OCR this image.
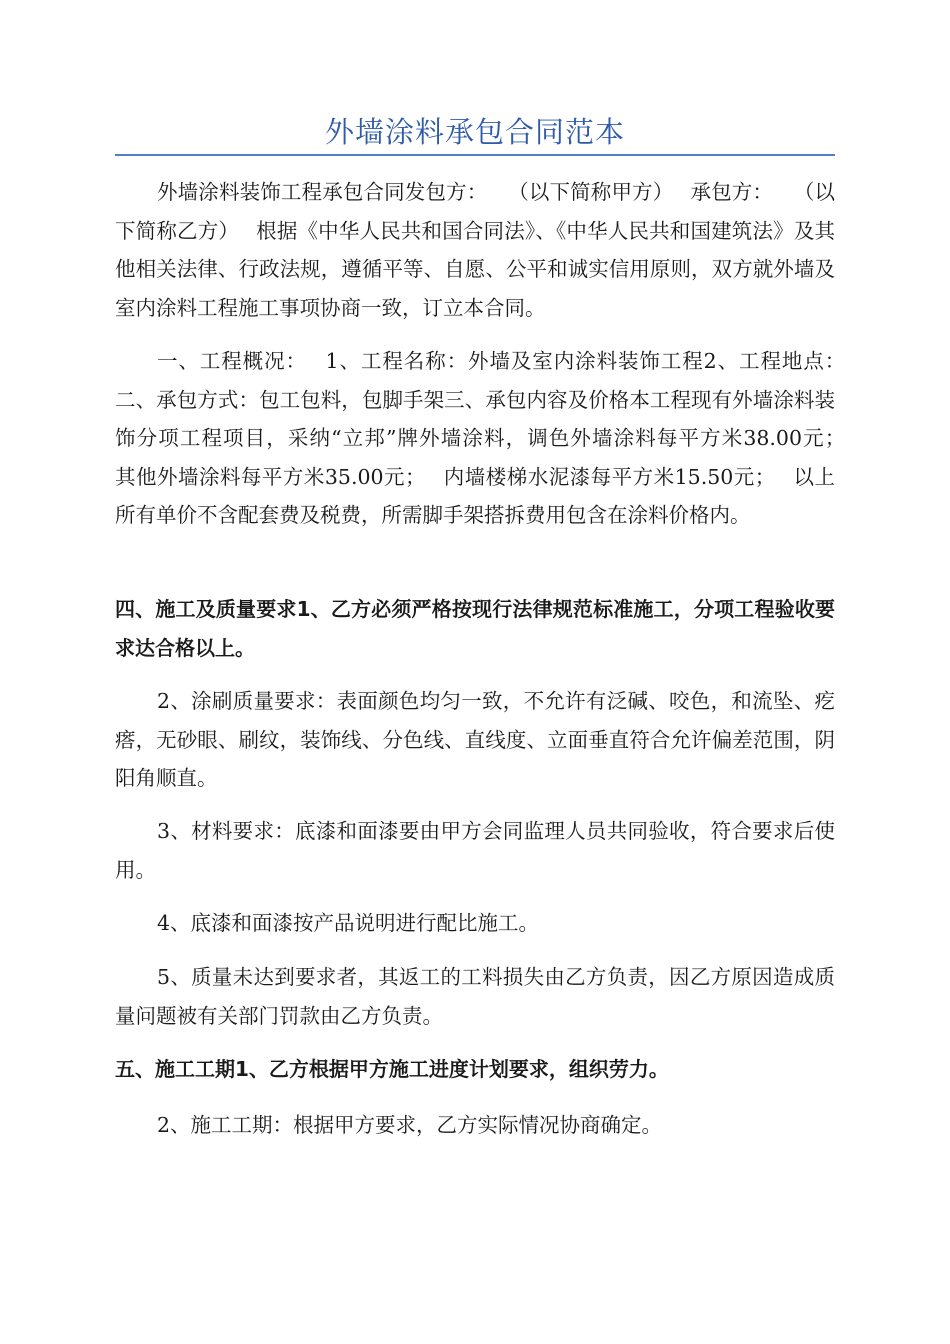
外墙涂料承包合同范本

外墙涂料装饰工程承包合同发包方：　　（以下简称甲方）　 承包方：　　（以下简称乙方）　 根据《中华人民共和国合同法》、《中华人民共和国建筑法》及其他相关法律、行政法规，遵循平等、自愿、公平和诚实信用原则，双方就外墙及室内涂料工程施工事项协商一致，订立本合同。

一、工程概况：　 1、工程名称：外墙及室内涂料装饰工程2、工程地点：　 二、承包方式：包工包料，包脚手架三、承包内容及价格本工程现有外墙涂料装饰分项工程项目，采纳“立邦”牌外墙涂料，调色外墙涂料每平方米38.00元；　 其他外墙涂料每平方米35.00元；　 内墙楼梯水泥漆每平方米15.50元；　 以上所有单价不含配套费及税费，所需脚手架搭拆费用包含在涂料价格内。

四、施工及质量要求1、乙方必须严格按现行法律规范标准施工，分项工程验收要求达合格以上。

2、涂刷质量要求：表面颜色均匀一致，不允许有泛碱、咬色，和流坠、疙瘩，无砂眼、刷纹，装饰线、分色线、直线度、立面垂直符合允许偏差范围，阴阳角顺直。

3、材料要求：底漆和面漆要由甲方会同监理人员共同验收，符合要求后使用。

4、底漆和面漆按产品说明进行配比施工。

5、质量未达到要求者，其返工的工料损失由乙方负责，因乙方原因造成质量问题被有关部门罚款由乙方负责。

五、施工工期1、乙方根据甲方施工进度计划要求，组织劳力。

2、施工工期：根据甲方要求，乙方实际情况协商确定。
